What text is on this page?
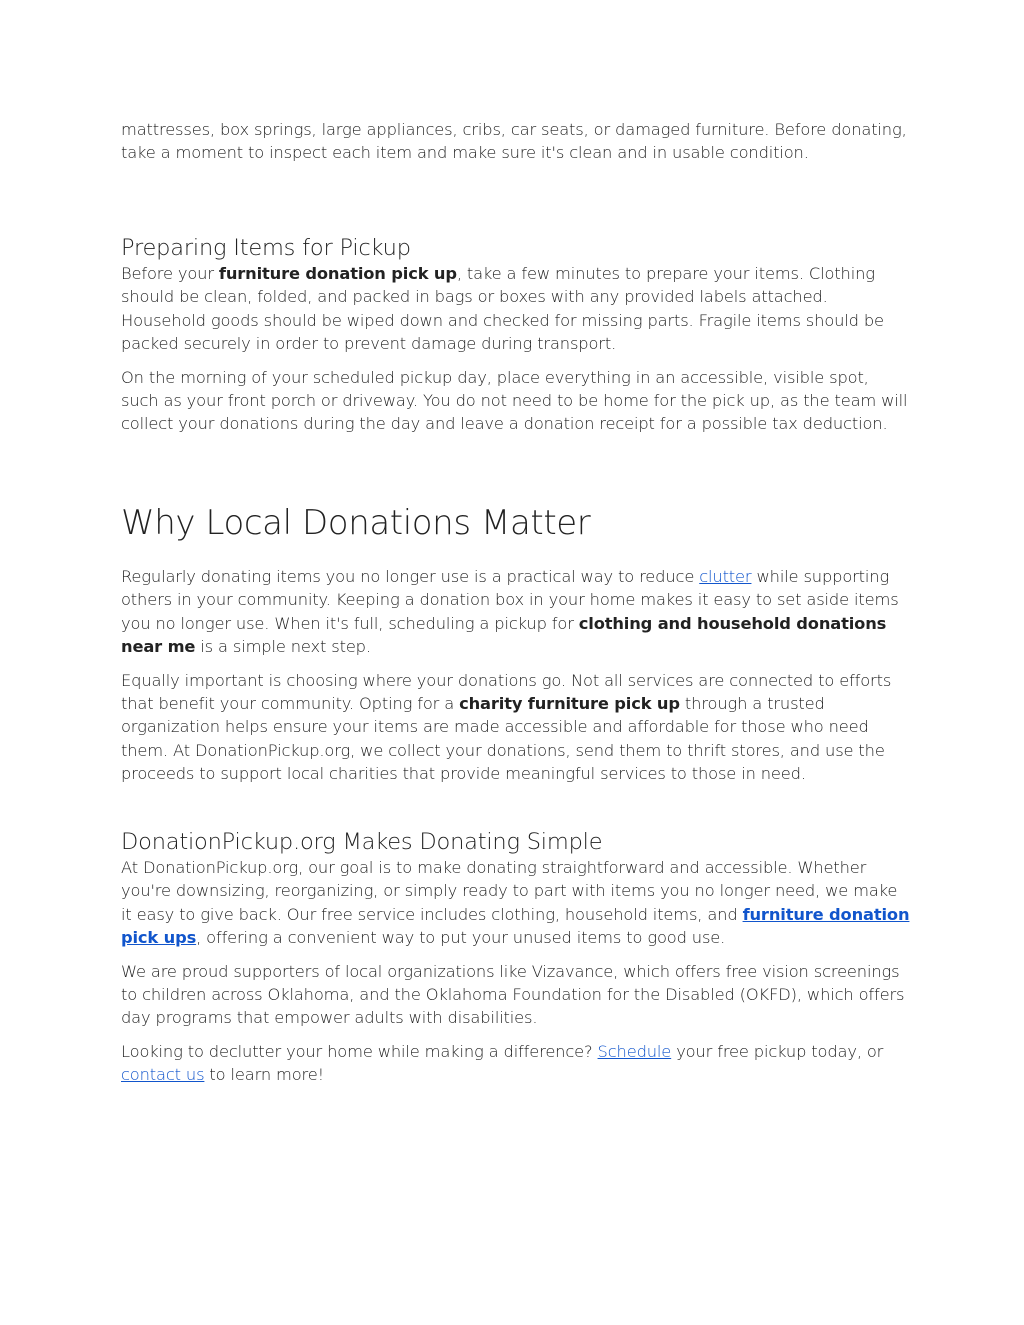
mattresses, box springs, large appliances, cribs, car seats, or damaged furniture. Before donating, take a moment to inspect each item and make sure it's clean and in usable condition.

Preparing Items for Pickup

Before your furniture donation pick up, take a few minutes to prepare your items. Clothing should be clean, folded, and packed in bags or boxes with any provided labels attached. Household goods should be wiped down and checked for missing parts. Fragile items should be packed securely in order to prevent damage during transport.

On the morning of your scheduled pickup day, place everything in an accessible, visible spot, such as your front porch or driveway. You do not need to be home for the pick up, as the team will collect your donations during the day and leave a donation receipt for a possible tax deduction.

Why Local Donations Matter

Regularly donating items you no longer use is a practical way to reduce clutter while supporting others in your community. Keeping a donation box in your home makes it easy to set aside items you no longer use. When it's full, scheduling a pickup for clothing and household donations near me is a simple next step.

Equally important is choosing where your donations go. Not all services are connected to efforts that benefit your community. Opting for a charity furniture pick up through a trusted organization helps ensure your items are made accessible and affordable for those who need them. At DonationPickup.org, we collect your donations, send them to thrift stores, and use the proceeds to support local charities that provide meaningful services to those in need.

DonationPickup.org Makes Donating Simple

At DonationPickup.org, our goal is to make donating straightforward and accessible. Whether you're downsizing, reorganizing, or simply ready to part with items you no longer need, we make it easy to give back. Our free service includes clothing, household items, and furniture donation pick ups, offering a convenient way to put your unused items to good use.

We are proud supporters of local organizations like Vizavance, which offers free vision screenings to children across Oklahoma, and the Oklahoma Foundation for the Disabled (OKFD), which offers day programs that empower adults with disabilities.

Looking to declutter your home while making a difference? Schedule your free pickup today, or contact us to learn more!
